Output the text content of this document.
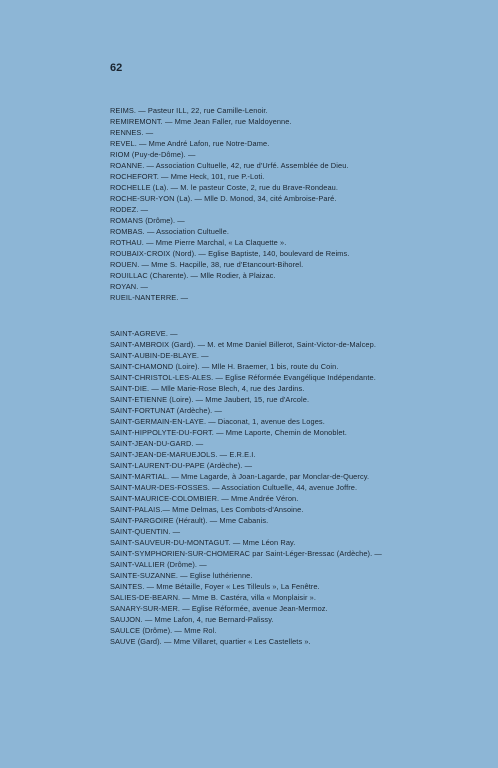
62
REIMS. — Pasteur ILL, 22, rue Camille-Lenoir.
REMIREMONT. — Mme Jean Faller, rue Maldoyenne.
RENNES. —
REVEL. — Mme André Lafon, rue Notre-Dame.
RIOM (Puy-de-Dôme). —
ROANNE. — Association Cultuelle, 42, rue d'Urfé. Assemblée de Dieu.
ROCHEFORT. — Mme Heck, 101, rue P.-Loti.
ROCHELLE (La). — M. le pasteur Coste, 2, rue du Brave-Rondeau.
ROCHE-SUR-YON (La). — Mlle D. Monod, 34, cité Ambroise-Paré.
RODEZ. —
ROMANS (Drôme). —
ROMBAS. — Association Cultuelle.
ROTHAU. — Mme Pierre Marchal, « La Claquette ».
ROUBAIX-CROIX (Nord). — Eglise Baptiste, 140, boulevard de Reims.
ROUEN. — Mme S. Hacpille, 38, rue d'Etancourt-Bihorel.
ROUILLAC (Charente). — Mlle Rodier, à Plaizac.
ROYAN. —
RUEIL-NANTERRE. —
SAINT-AGREVE. —
SAINT-AMBROIX (Gard). — M. et Mme Daniel Billerot, Saint-Victor-de-Malcep.
SAINT-AUBIN-DE-BLAYE. —
SAINT-CHAMOND (Loire). — Mlle H. Braemer, 1 bis, route du Coin.
SAINT-CHRISTOL-LES-ALES. — Eglise Réformée Evangélique Indépendante.
SAINT-DIE. — Mlle Marie-Rose Blech, 4, rue des Jardins.
SAINT-ETIENNE (Loire). — Mme Jaubert, 15, rue d'Arcole.
SAINT-FORTUNAT (Ardèche). —
SAINT-GERMAIN-EN-LAYE. — Diaconat, 1, avenue des Loges.
SAINT-HIPPOLYTE-DU-FORT. — Mme Laporte, Chemin de Monoblet.
SAINT-JEAN-DU-GARD. —
SAINT-JEAN-DE-MARUEJOLS. — E.R.E.I.
SAINT-LAURENT-DU-PAPE (Ardèche). —
SAINT-MARTIAL. — Mme Lagarde, à Joan-Lagarde, par Monclar-de-Quercy.
SAINT-MAUR-DES-FOSSES. — Association Cultuelle, 44, avenue Joffre.
SAINT-MAURICE-COLOMBIER. — Mme Andrée Véron.
SAINT-PALAIS.— Mme Delmas, Les Combots-d'Ansoine.
SAINT-PARGOIRE (Hérault). — Mme Cabanis.
SAINT-QUENTIN. —
SAINT-SAUVEUR-DU-MONTAGUT. — Mme Léon Ray.
SAINT-SYMPHORIEN-SUR-CHOMERAC par Saint-Léger-Bressac (Ardèche). —
SAINT-VALLIER (Drôme). —
SAINTE-SUZANNE. — Eglise luthérienne.
SAINTES. — Mme Bétaille, Foyer « Les Tilleuls », La Fenêtre.
SALIES-DE-BEARN. — Mme B. Castéra, villa « Monplaisir ».
SANARY-SUR-MER. — Eglise Réformée, avenue Jean-Mermoz.
SAUJON. — Mme Lafon, 4, rue Bernard-Palissy.
SAULCE (Drôme). — Mme Rol.
SAUVE (Gard). — Mme Villaret, quartier « Les Castellets ».
